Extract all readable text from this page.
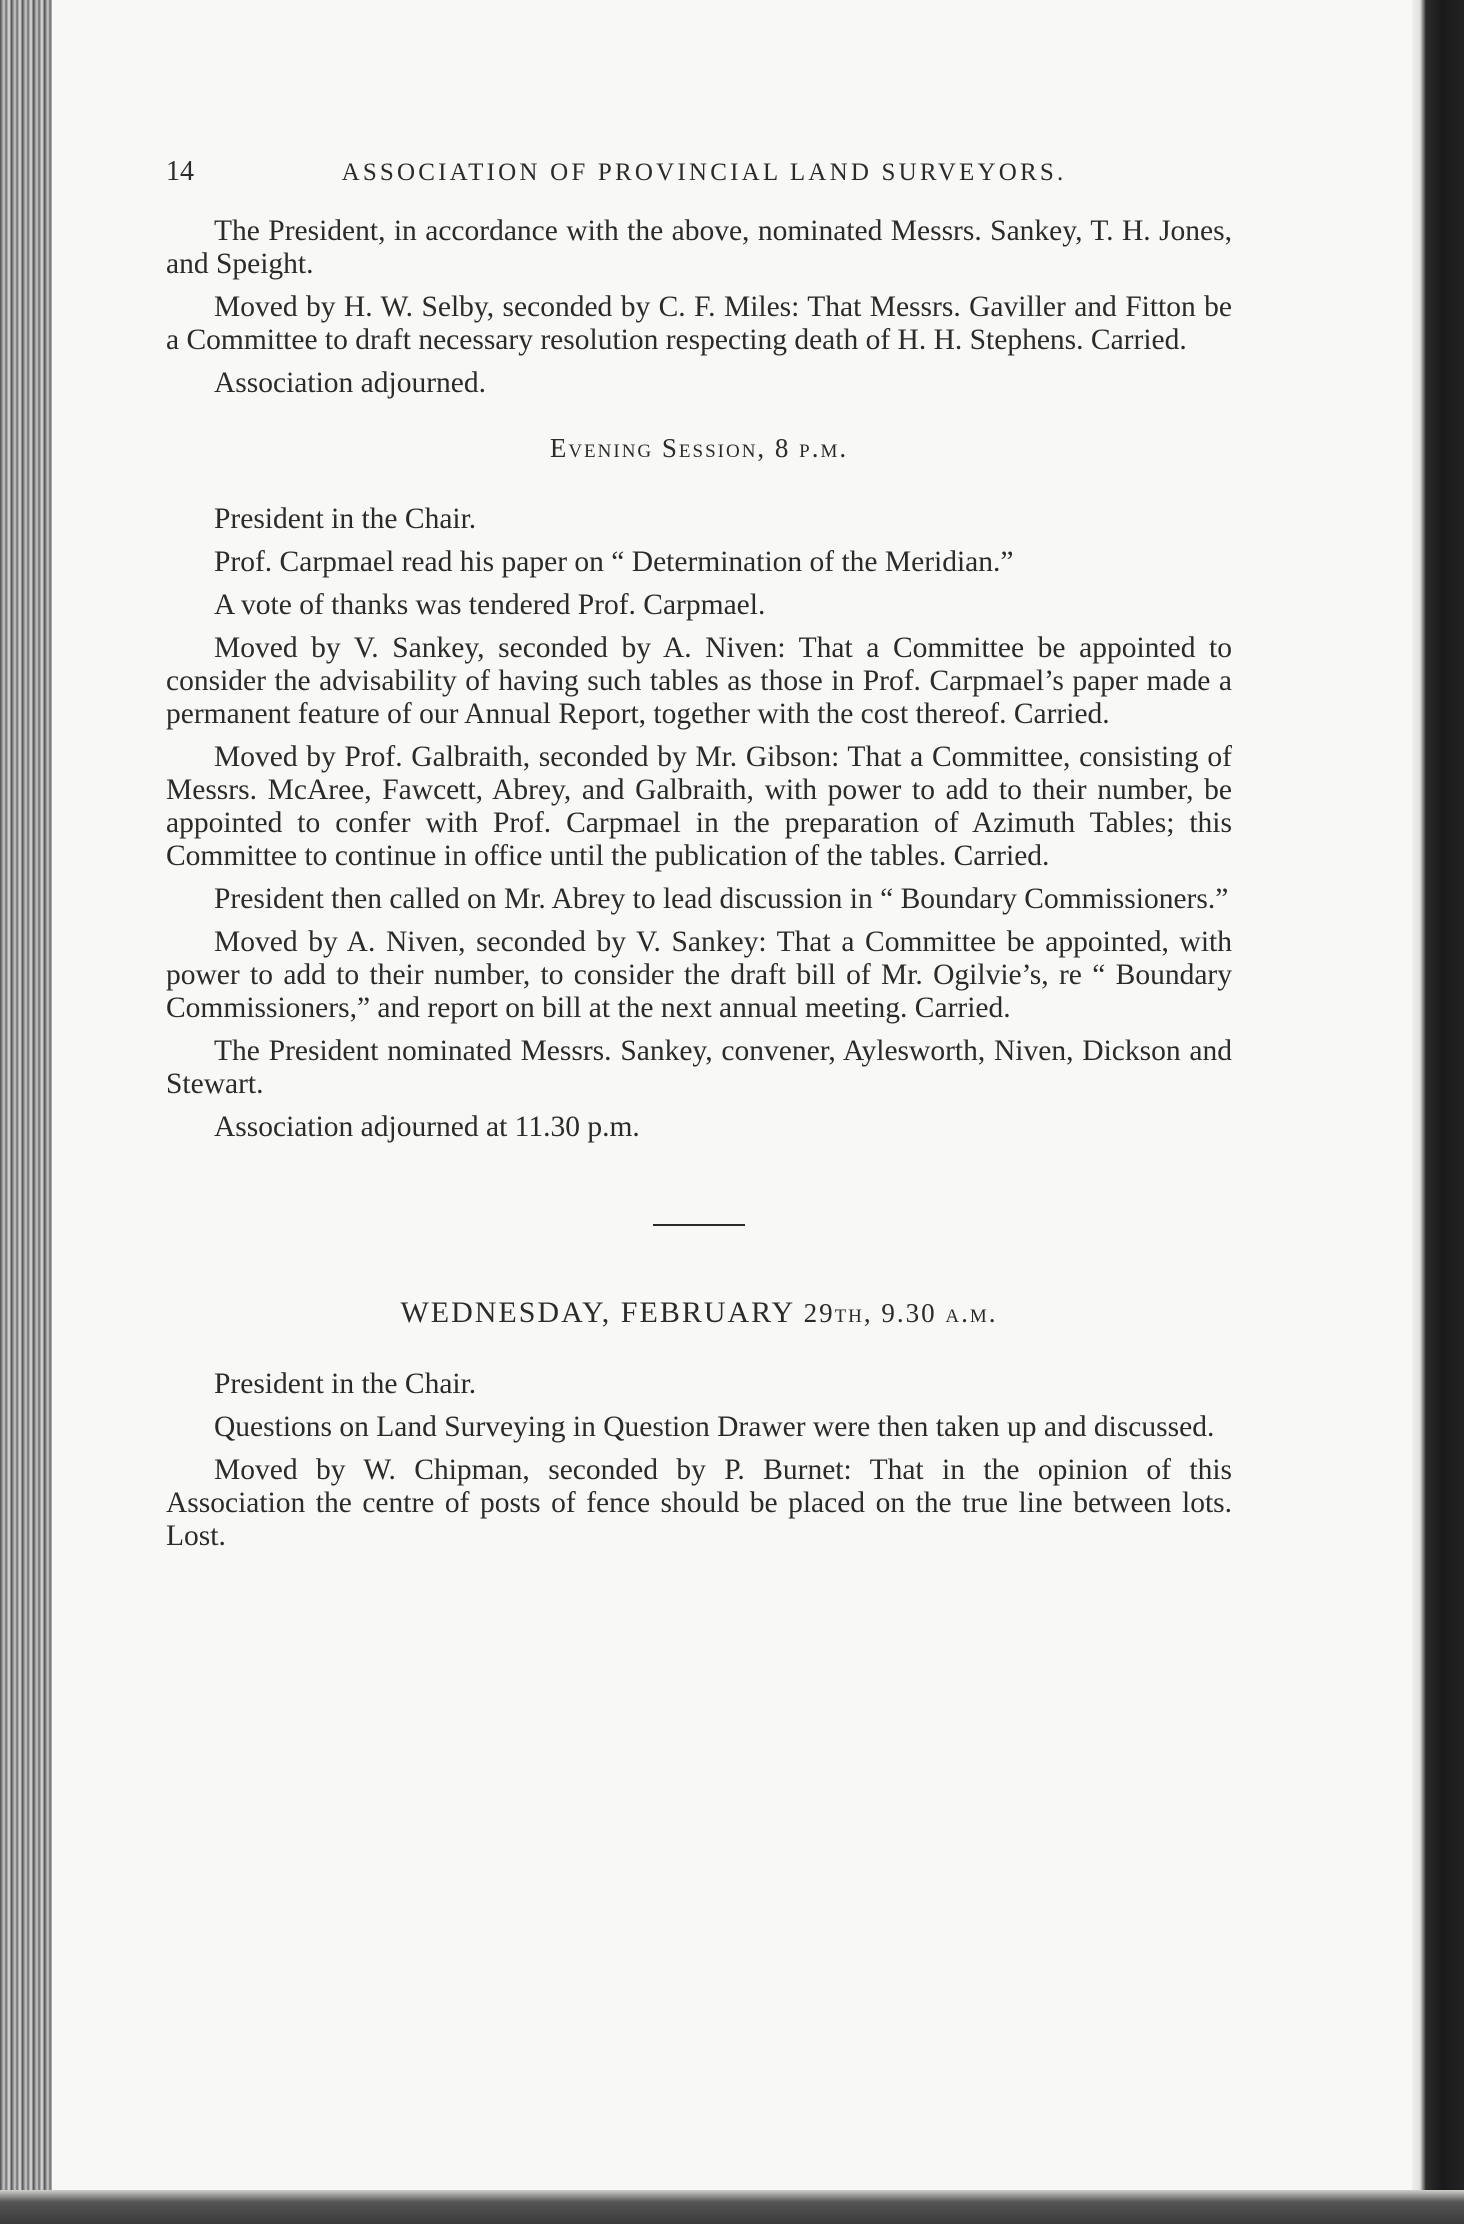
14	ASSOCIATION OF PROVINCIAL LAND SURVEYORS.

The President, in accordance with the above, nominated Messrs. Sankey, T. H. Jones, and Speight.

Moved by H. W. Selby, seconded by C. F. Miles: That Messrs. Gaviller and Fitton be a Committee to draft necessary resolution respecting death of H. H. Stephens. Carried.

Association adjourned.

Evening Session, 8 p.m.

President in the Chair.

Prof. Carpmael read his paper on “ Determination of the Meridian.”

A vote of thanks was tendered Prof. Carpmael.

Moved by V. Sankey, seconded by A. Niven: That a Committee be appointed to consider the advisability of having such tables as those in Prof. Carpmael’s paper made a permanent feature of our Annual Report, together with the cost thereof. Carried.

Moved by Prof. Galbraith, seconded by Mr. Gibson: That a Committee, consisting of Messrs. McAree, Fawcett, Abrey, and Galbraith, with power to add to their number, be appointed to confer with Prof. Carpmael in the preparation of Azimuth Tables; this Committee to continue in office until the publication of the tables. Carried.

President then called on Mr. Abrey to lead discussion in “ Boundary Commissioners.”

Moved by A. Niven, seconded by V. Sankey: That a Committee be appointed, with power to add to their number, to consider the draft bill of Mr. Ogilvie’s, re “ Boundary Commissioners,” and report on bill at the next annual meeting. Carried.

The President nominated Messrs. Sankey, convener, Aylesworth, Niven, Dickson and Stewart.

Association adjourned at 11.30 p.m.

WEDNESDAY, FEBRUARY 29th, 9.30 a.m.

President in the Chair.

Questions on Land Surveying in Question Drawer were then taken up and discussed.

Moved by W. Chipman, seconded by P. Burnet: That in the opinion of this Association the centre of posts of fence should be placed on the true line between lots. Lost.
